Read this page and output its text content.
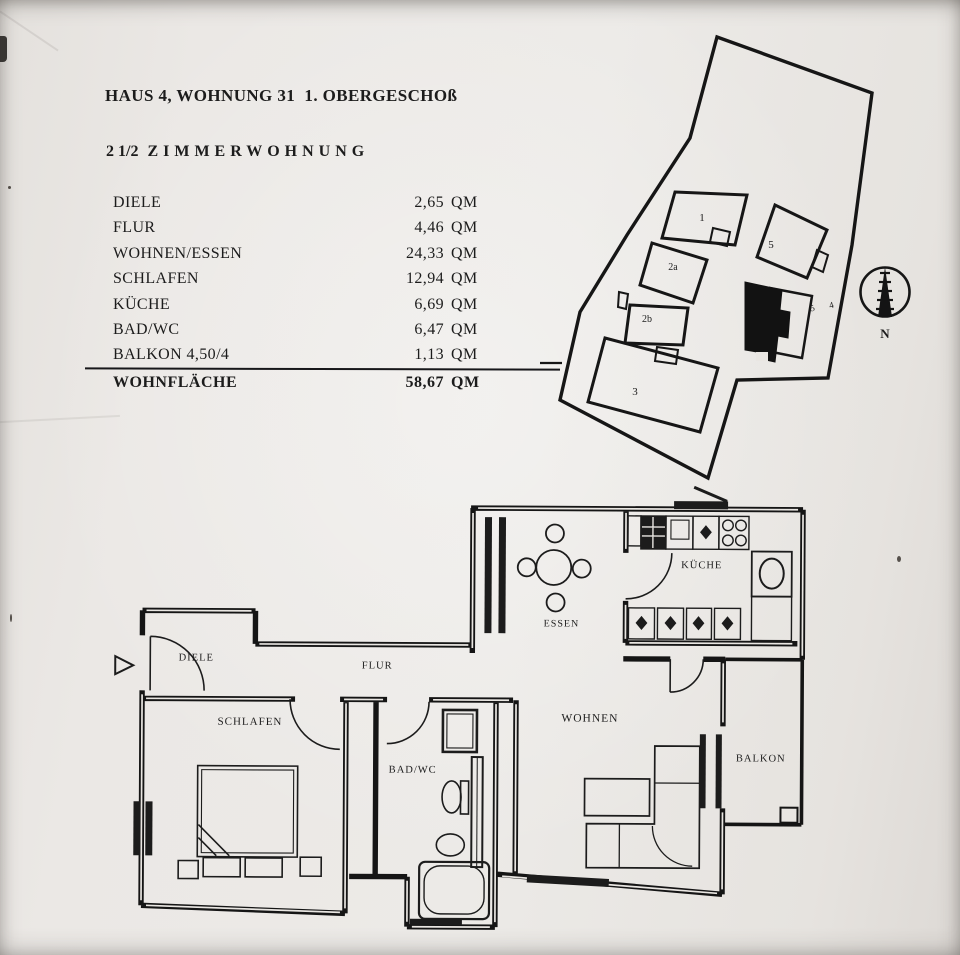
HAUS 4, WOHNUNG 31  1. OBERGESCHOß
2 1/2 ZIMMERWOHNUNG
DIELE	2,65 QM
FLUR	4,46 QM
WOHNEN/ESSEN	24,33 QM
SCHLAFEN	12,94 QM
KÜCHE	6,69 QM
BAD/WC	6,47 QM
BALKON 4,50/4	1,13 QM
WOHNFLÄCHE	58,67 QM
1
5
2a
2b
3
5 4
N
DIELE
FLUR
SCHLAFEN
BAD/WC
WOHNEN
BALKON
KÜCHE
ESSEN
